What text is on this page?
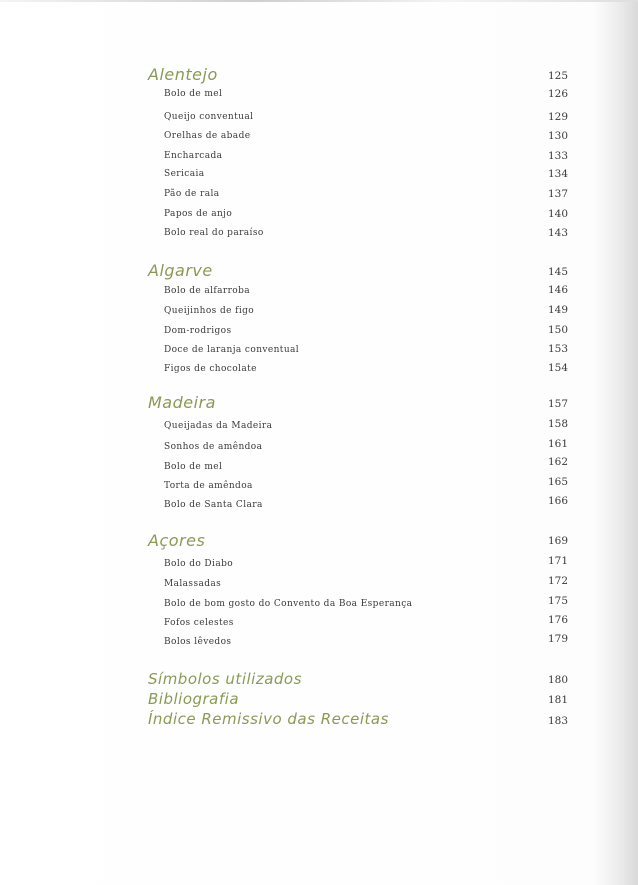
Alentejo	125
Bolo de mel	126
Queijo conventual	129
Orelhas de abade	130
Encharcada	133
Sericaia	134
Pão de rala	137
Papos de anjo	140
Bolo real do paraíso	143
Algarve	145
Bolo de alfarroba	146
Queijinhos de figo	149
Dom-rodrigos	150
Doce de laranja conventual	153
Figos de chocolate	154
Madeira	157
Queijadas da Madeira	158
Sonhos de amêndoa	161
Bolo de mel	162
Torta de amêndoa	165
Bolo de Santa Clara	166
Açores	169
Bolo do Diabo	171
Malassadas	172
Bolo de bom gosto do Convento da Boa Esperança	175
Fofos celestes	176
Bolos lêvedos	179
Símbolos utilizados	180
Bibliografia	181
Índice Remissivo das Receitas	183
